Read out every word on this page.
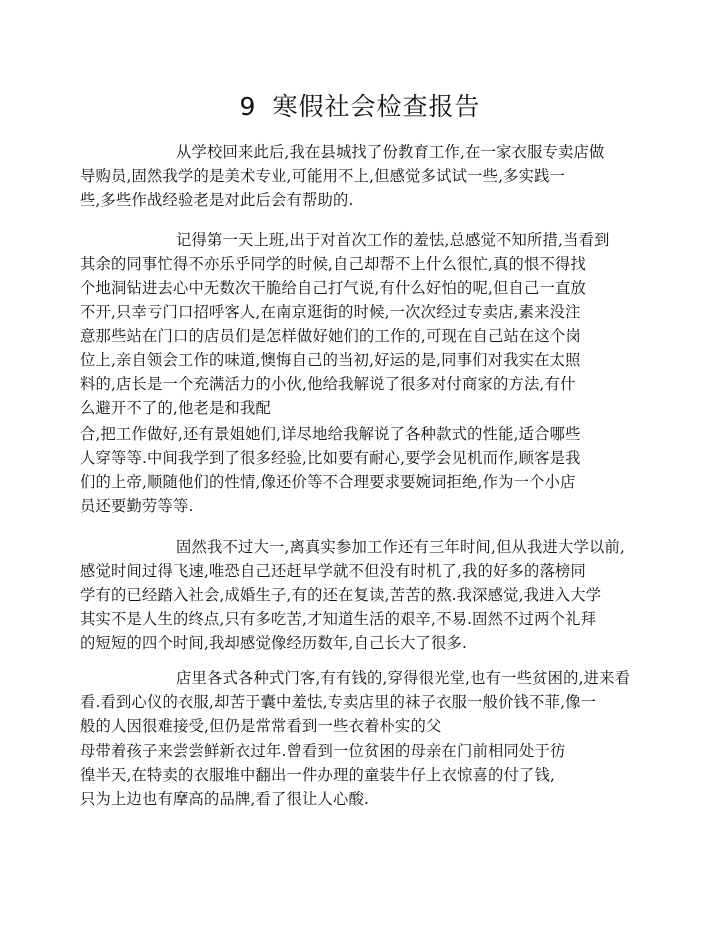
9 寒假社会检查报告
从学校回来此后,我在县城找了份教育工作,在一家衣服专卖店做
导购员,固然我学的是美术专业,可能用不上,但感觉多试试一些,多实践一
些,多些作战经验老是对此后会有帮助的.
记得第一天上班,出于对首次工作的羞怯,总感觉不知所措,当看到
其余的同事忙得不亦乐乎同学的时候,自己却帮不上什么很忙,真的恨不得找
个地洞钻进去心中无数次干脆给自己打气说,有什么好怕的呢,但自己一直放
不开,只幸亏门口招呼客人,在南京逛街的时候,一次次经过专卖店,素来没注
意那些站在门口的店员们是怎样做好她们的工作的,可现在自己站在这个岗
位上,亲自领会工作的味道,懊悔自己的当初,好运的是,同事们对我实在太照
料的,店长是一个充满活力的小伙,他给我解说了很多对付商家的方法,有什
么避开不了的,他老是和我配
合,把工作做好,还有景姐她们,详尽地给我解说了各种款式的性能,适合哪些
人穿等等.中间我学到了很多经验,比如要有耐心,要学会见机而作,顾客是我
们的上帝,顺随他们的性情,像还价等不合理要求要婉词拒绝,作为一个小店
员还要勤劳等等.
固然我不过大一,离真实参加工作还有三年时间,但从我进大学以前,
感觉时间过得飞速,唯恐自己还赶早学就不但没有时机了,我的好多的落榜同
学有的已经踏入社会,成婚生子,有的还在复读,苦苦的熬.我深感觉,我进入大学
其实不是人生的终点,只有多吃苦,才知道生活的艰辛,不易.固然不过两个礼拜
的短短的四个时间,我却感觉像经历数年,自己长大了很多.
店里各式各种式门客,有有钱的,穿得很光堂,也有一些贫困的,进来看
看.看到心仪的衣服,却苦于囊中羞怯,专卖店里的袜子衣服一般价钱不菲,像一
般的人因很难接受,但仍是常常看到一些衣着朴实的父
母带着孩子来尝尝鲜新衣过年.曾看到一位贫困的母亲在门前相同处于彷
徨半天,在特卖的衣服堆中翻出一件办理的童装牛仔上衣惊喜的付了钱,
只为上边也有摩高的品牌,看了很让人心酸.
